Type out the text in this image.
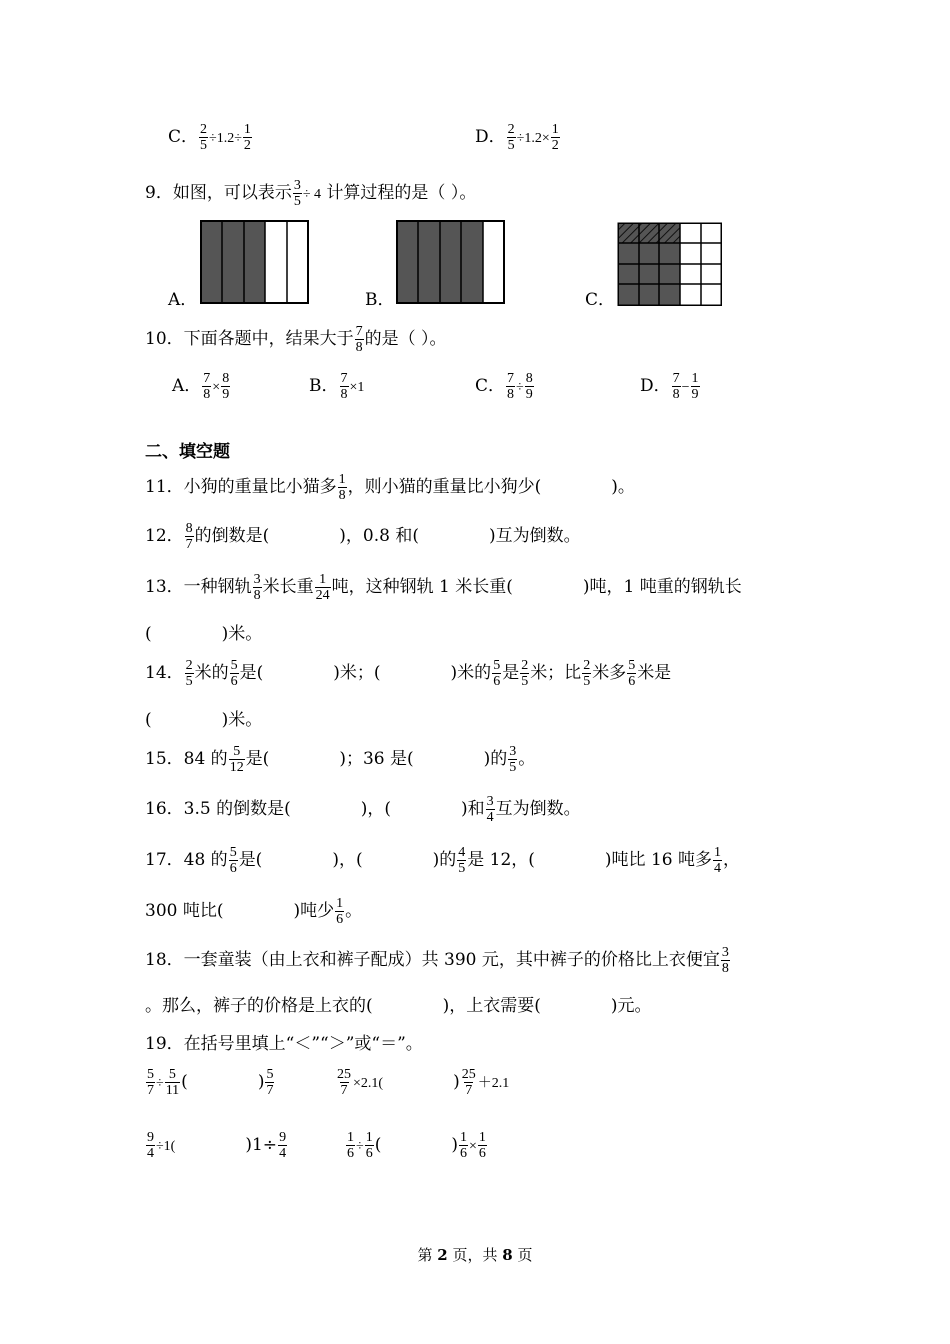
C． $\frac{2}{5} \div 1.2\div \frac{1}{2}$	D． $\frac{2}{5} \div 1.2\times \frac{1}{2}$
9．如图，可以表示 $\frac{3}{5} \div 4$ 计算过程的是（ ）。
A．	B．	C．
10．下面各题中，结果大于 $\frac{7}{8}$ 的是（ ）。
A． $\frac{7}{8} \times \frac{8}{9}$	B． $\frac{7}{8} \times 1$	C． $\frac{7}{8} \div \frac{8}{9}$	D． $\frac{7}{8} - \frac{1}{9}$
二、填空题
11．小狗的重量比小猫多 $\frac{1}{8}$ ，则小猫的重量比小狗少(	)。
12． $\frac{8}{7}$ 的倒数是(	)，0.8 和(	)互为倒数。
13．一种钢轨 $\frac{3}{8}$ 米长重 $\frac{1}{24}$ 吨，这种钢轨 1 米长重(	)吨，1 吨重的钢轨长
(	)米。
14． $\frac{2}{5}$ 米的 $\frac{5}{6}$ 是(	)米；(	)米的 $\frac{5}{6}$ 是 $\frac{2}{5}$ 米；比 $\frac{2}{5}$ 米多 $\frac{5}{6}$ 米是
(	)米。
15．84 的 $\frac{5}{12}$ 是(	)；36 是(	)的 $\frac{3}{5}$ 。
16．3.5 的倒数是(	)，(	)和 $\frac{3}{4}$ 互为倒数。
17．48 的 $\frac{5}{6}$ 是(	)，(	)的 $\frac{4}{5}$ 是 12，(	)吨比 16 吨多 $\frac{1}{4}$ ，
300 吨比(	)吨少 $\frac{1}{6}$ 。
18．一套童装（由上衣和裤子配成）共 390 元，其中裤子的价格比上衣便宜 $\frac{3}{8}$
。那么，裤子的价格是上衣的(	)，上衣需要(	)元。
19．在括号里填上“＜”“＞”或“＝”。
$\frac{5}{7} \div \frac{5}{11}$ (	) $\frac{5}{7}$	$\frac{25}{7} \times 2.1$(	) $\frac{25}{7} +2.1$
$\frac{9}{4} \div 1$(	)$1\div \frac{9}{4}$	$\frac{1}{6} \div \frac{1}{6}$ (	) $\frac{1}{6} \times \frac{1}{6}$
第 2 页，共 8 页
